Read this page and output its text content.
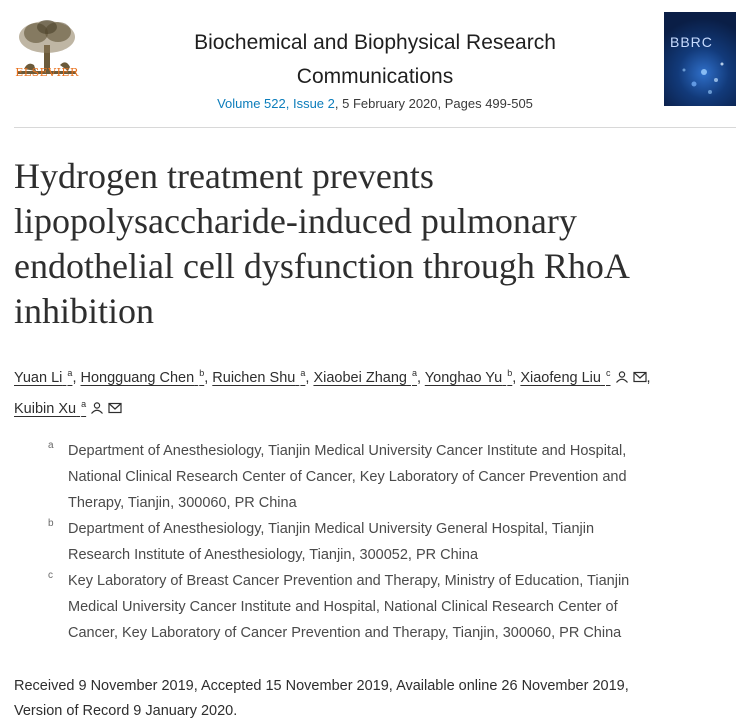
ELSEVIER
Biochemical and Biophysical Research
Communications
Volume 522, Issue 2, 5 February 2020, Pages 499-505
BBRC
Hydrogen treatment prevents
lipopolysaccharide-induced pulmonary
endothelial cell dysfunction through RhoA
inhibition
Yuan Li $^a$, Hongguang Chen $^b$, Ruichen Shu $^a$, Xiaobei Zhang $^a$, Yonghao Yu $^b$, Xiaofeng Liu $^c$ ,
Kuibin Xu $^a$
a Department of Anesthesiology, Tianjin Medical University Cancer Institute and Hospital,
National Clinical Research Center of Cancer, Key Laboratory of Cancer Prevention and
Therapy, Tianjin, 300060, PR China
b Department of Anesthesiology, Tianjin Medical University General Hospital, Tianjin
Research Institute of Anesthesiology, Tianjin, 300052, PR China
c Key Laboratory of Breast Cancer Prevention and Therapy, Ministry of Education, Tianjin
Medical University Cancer Institute and Hospital, National Clinical Research Center of
Cancer, Key Laboratory of Cancer Prevention and Therapy, Tianjin, 300060, PR China
Received 9 November 2019, Accepted 15 November 2019, Available online 26 November 2019,
Version of Record 9 January 2020.
